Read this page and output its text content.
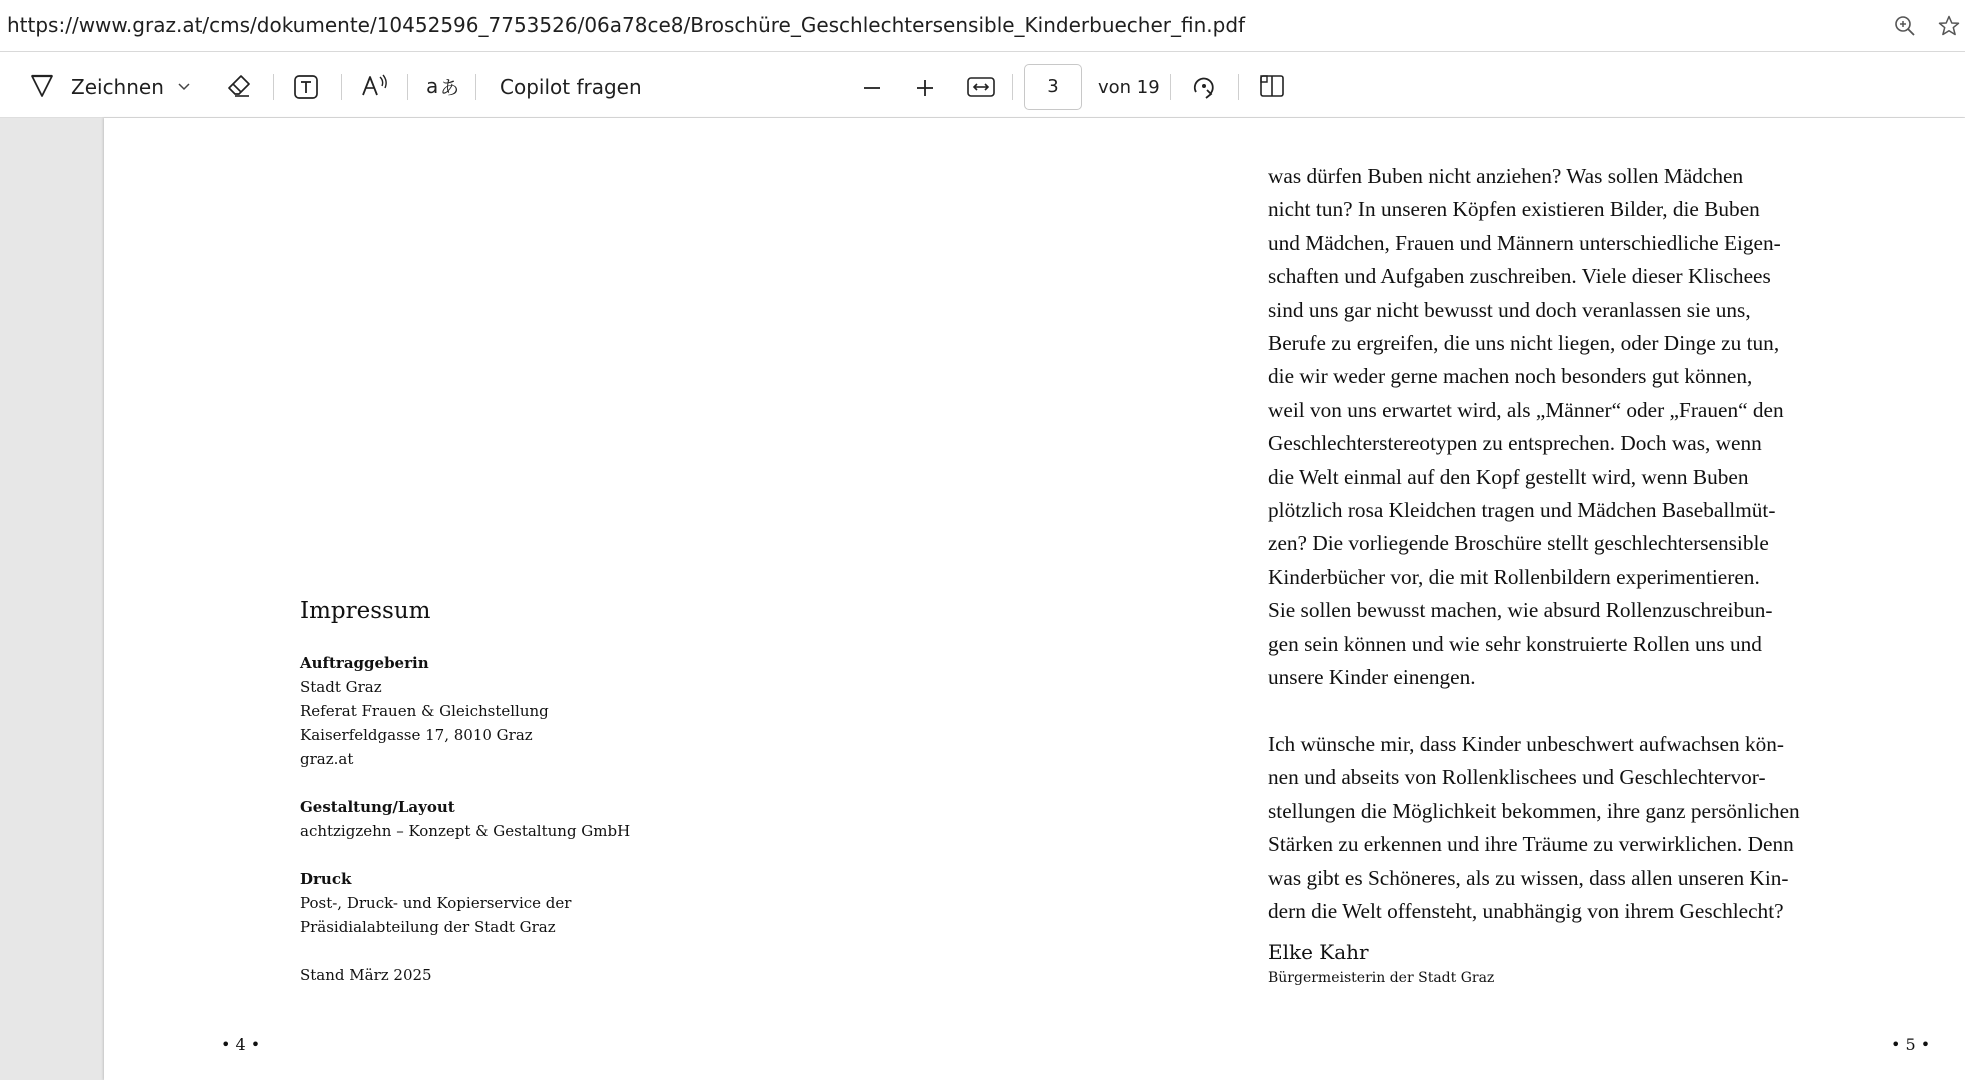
https://www.graz.at/cms/dokumente/10452596_7753526/06a78ce8/Broschüre_Geschlechtersensible_Kinderbuecher_fin.pdf
Zeichnen	a あ Copilot fragen	3	von 19

Impressum
Auftraggeberin
Stadt Graz
Referat Frauen & Gleichstellung
Kaiserfeldgasse 17, 8010 Graz
graz.at
Gestaltung/Layout
achtzigzehn – Konzept & Gestaltung GmbH
Druck
Post-, Druck- und Kopierservice der
Präsidialabteilung der Stadt Graz
Stand März 2025
• 4 •

was dürfen Buben nicht anziehen? Was sollen Mädchen

nicht tun? In unseren Köpfen existieren Bilder, die Buben

und Mädchen, Frauen und Männern unterschiedliche Eigen-

schaften und Aufgaben zuschreiben. Viele dieser Klischees

sind uns gar nicht bewusst und doch veranlassen sie uns,

Berufe zu ergreifen, die uns nicht liegen, oder Dinge zu tun,

die wir weder gerne machen noch besonders gut können,

weil von uns erwartet wird, als „Männer“ oder „Frauen“ den

Geschlechterstereotypen zu entsprechen. Doch was, wenn

die Welt einmal auf den Kopf gestellt wird, wenn Buben

plötzlich rosa Kleidchen tragen und Mädchen Baseballmüt-

zen? Die vorliegende Broschüre stellt geschlechtersensible

Kinderbücher vor, die mit Rollenbildern experimentieren.

Sie sollen bewusst machen, wie absurd Rollenzuschreibun-

gen sein können und wie sehr konstruierte Rollen uns und

unsere Kinder einengen.

Ich wünsche mir, dass Kinder unbeschwert aufwachsen kön-

nen und abseits von Rollenklischees und Geschlechtervor-

stellungen die Möglichkeit bekommen, ihre ganz persönlichen

Stärken zu erkennen und ihre Träume zu verwirklichen. Denn

was gibt es Schöneres, als zu wissen, dass allen unseren Kin-

dern die Welt offensteht, unabhängig von ihrem Geschlecht?

Elke Kahr
Bürgermeisterin der Stadt Graz
• 5 •
